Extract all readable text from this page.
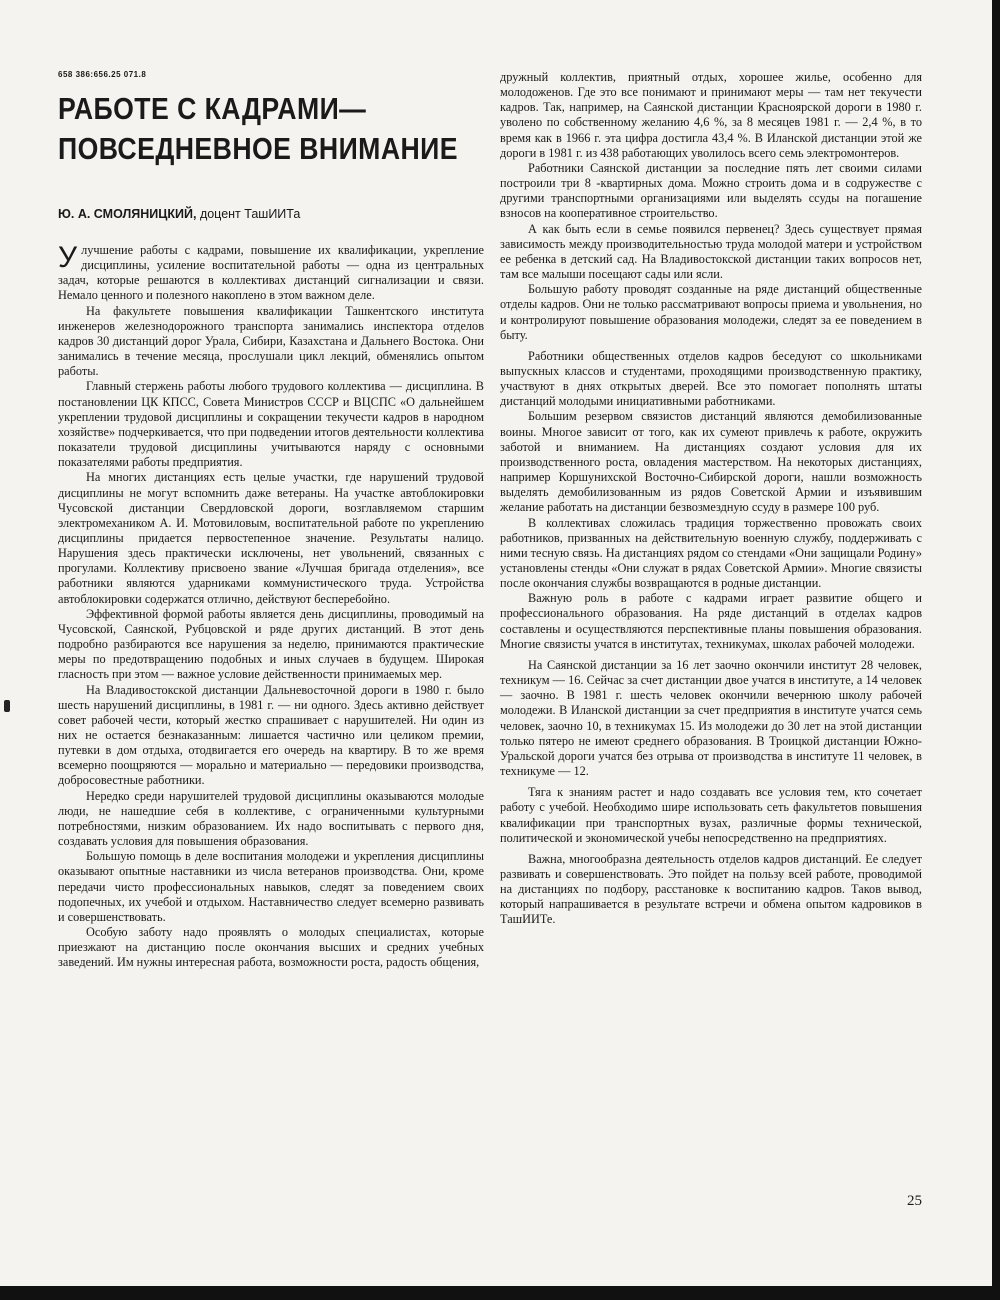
658 386:656.25 071.8
РАБОТЕ С КАДРАМИ—
ПОВСЕДНЕВНОЕ ВНИМАНИЕ
Ю. А. СМОЛЯНИЦКИЙ, доцент ТашИИТа

Улучшение работы с кадрами, повышение их квалификации, укрепление дисциплины, усиление воспитательной работы — одна из центральных задач, которые решаются в коллективах дистанций сигнализации и связи. Немало ценного и полезного накоплено в этом важном деле.

На факультете повышения квалификации Ташкентского института инженеров железнодорожного транспорта занимались инспектора отделов кадров 30 дистанций дорог Урала, Сибири, Казахстана и Дальнего Востока. Они занимались в течение месяца, прослушали цикл лекций, обменялись опытом работы.

Главный стержень работы любого трудового коллектива — дисциплина. В постановлении ЦК КПСС, Совета Министров СССР и ВЦСПС «О дальнейшем укреплении трудовой дисциплины и сокращении текучести кадров в народном хозяйстве» подчеркивается, что при подведении итогов деятельности коллектива показатели трудовой дисциплины учитываются наряду с основными показателями работы предприятия.

На многих дистанциях есть целые участки, где нарушений трудовой дисциплины не могут вспомнить даже ветераны. На участке автоблокировки Чусовской дистанции Свердловской дороги, возглавляемом старшим электромехаником А. И. Мотовиловым, воспитательной работе по укреплению дисциплины придается первостепенное значение. Результаты налицо. Нарушения здесь практически исключены, нет увольнений, связанных с прогулами. Коллективу присвоено звание «Лучшая бригада отделения», все работники являются ударниками коммунистического труда. Устройства автоблокировки содержатся отлично, действуют бесперебойно.

Эффективной формой работы является день дисциплины, проводимый на Чусовской, Саянской, Рубцовской и ряде других дистанций. В этот день подробно разбираются все нарушения за неделю, принимаются практические меры по предотвращению подобных и иных случаев в будущем. Широкая гласность при этом — важное условие действенности принимаемых мер.

На Владивостокской дистанции Дальневосточной дороги в 1980 г. было шесть нарушений дисциплины, в 1981 г. — ни одного. Здесь активно действует совет рабочей чести, который жестко спрашивает с нарушителей. Ни один из них не остается безнаказанным: лишается частично или целиком премии, путевки в дом отдыха, отодвигается его очередь на квартиру. В то же время всемерно поощряются — морально и материально — передовики производства, добросовестные работники.

Нередко среди нарушителей трудовой дисциплины оказываются молодые люди, не нашедшие себя в коллективе, с ограниченными культурными потребностями, низким образованием. Их надо воспитывать с первого дня, создавать условия для повышения образования.

Большую помощь в деле воспитания молодежи и укрепления дисциплины оказывают опытные наставники из числа ветеранов производства. Они, кроме передачи чисто профессиональных навыков, следят за поведением своих подопечных, их учебой и отдыхом. Наставничество следует всемерно развивать и совершенствовать.

Особую заботу надо проявлять о молодых специалистах, которые приезжают на дистанцию после окончания высших и средних учебных заведений. Им нужны интересная работа, возможности роста, радость общения,

дружный коллектив, приятный отдых, хорошее жилье, особенно для молодоженов. Где это все понимают и принимают меры — там нет текучести кадров. Так, например, на Саянской дистанции Красноярской дороги в 1980 г. уволено по собственному желанию 4,6 %, за 8 месяцев 1981 г. — 2,4 %, в то время как в 1966 г. эта цифра достигла 43,4 %. В Иланской дистанции этой же дороги в 1981 г. из 438 работающих уволилось всего семь электромонтеров.

Работники Саянской дистанции за последние пять лет своими силами построили три 8 -квартирных дома. Можно строить дома и в содружестве с другими транспортными организациями или выделять ссуды на погашение взносов на кооперативное строительство.

А как быть если в семье появился первенец? Здесь существует прямая зависимость между производительностью труда молодой матери и устройством ее ребенка в детский сад. На Владивостокской дистанции таких вопросов нет, там все малыши посещают сады или ясли.

Большую работу проводят созданные на ряде дистанций общественные отделы кадров. Они не только рассматривают вопросы приема и увольнения, но и контролируют повышение образования молодежи, следят за ее поведением в быту.

Работники общественных отделов кадров беседуют со школьниками выпускных классов и студентами, проходящими производственную практику, участвуют в днях открытых дверей. Все это помогает пополнять штаты дистанций молодыми инициативными работниками.

Большим резервом связистов дистанций являются демобилизованные воины. Многое зависит от того, как их сумеют привлечь к работе, окружить заботой и вниманием. На дистанциях создают условия для их производственного роста, овладения мастерством. На некоторых дистанциях, например Коршунихской Восточно-Сибирской дороги, нашли возможность выделять демобилизованным из рядов Советской Армии и изъявившим желание работать на дистанции безвозмездную ссуду в размере 100 руб.

В коллективах сложилась традиция торжественно провожать своих работников, призванных на действительную военную службу, поддерживать с ними тесную связь. На дистанциях рядом со стендами «Они защищали Родину» установлены стенды «Они служат в рядах Советской Армии». Многие связисты после окончания службы возвращаются в родные дистанции.

Важную роль в работе с кадрами играет развитие общего и профессионального образования. На ряде дистанций в отделах кадров составлены и осуществляются перспективные планы повышения образования. Многие связисты учатся в институтах, техникумах, школах рабочей молодежи.

На Саянской дистанции за 16 лет заочно окончили институт 28 человек, техникум — 16. Сейчас за счет дистанции двое учатся в институте, а 14 человек — заочно. В 1981 г. шесть человек окончили вечернюю школу рабочей молодежи. В Иланской дистанции за счет предприятия в институте учатся семь человек, заочно 10, в техникумах 15. Из молодежи до 30 лет на этой дистанции только пятеро не имеют среднего образования. В Троицкой дистанции Южно-Уральской дороги учатся без отрыва от производства в институте 11 человек, в техникуме — 12.

Тяга к знаниям растет и надо создавать все условия тем, кто сочетает работу с учебой. Необходимо шире использовать сеть факультетов повышения квалификации при транспортных вузах, различные формы технической, политической и экономической учебы непосредственно на предприятиях.

Важна, многообразна деятельность отделов кадров дистанций. Ее следует развивать и совершенствовать. Это пойдет на пользу всей работе, проводимой на дистанциях по подбору, расстановке к воспитанию кадров. Таков вывод, который напрашивается в результате встречи и обмена опытом кадровиков в ТашИИТе.

25
